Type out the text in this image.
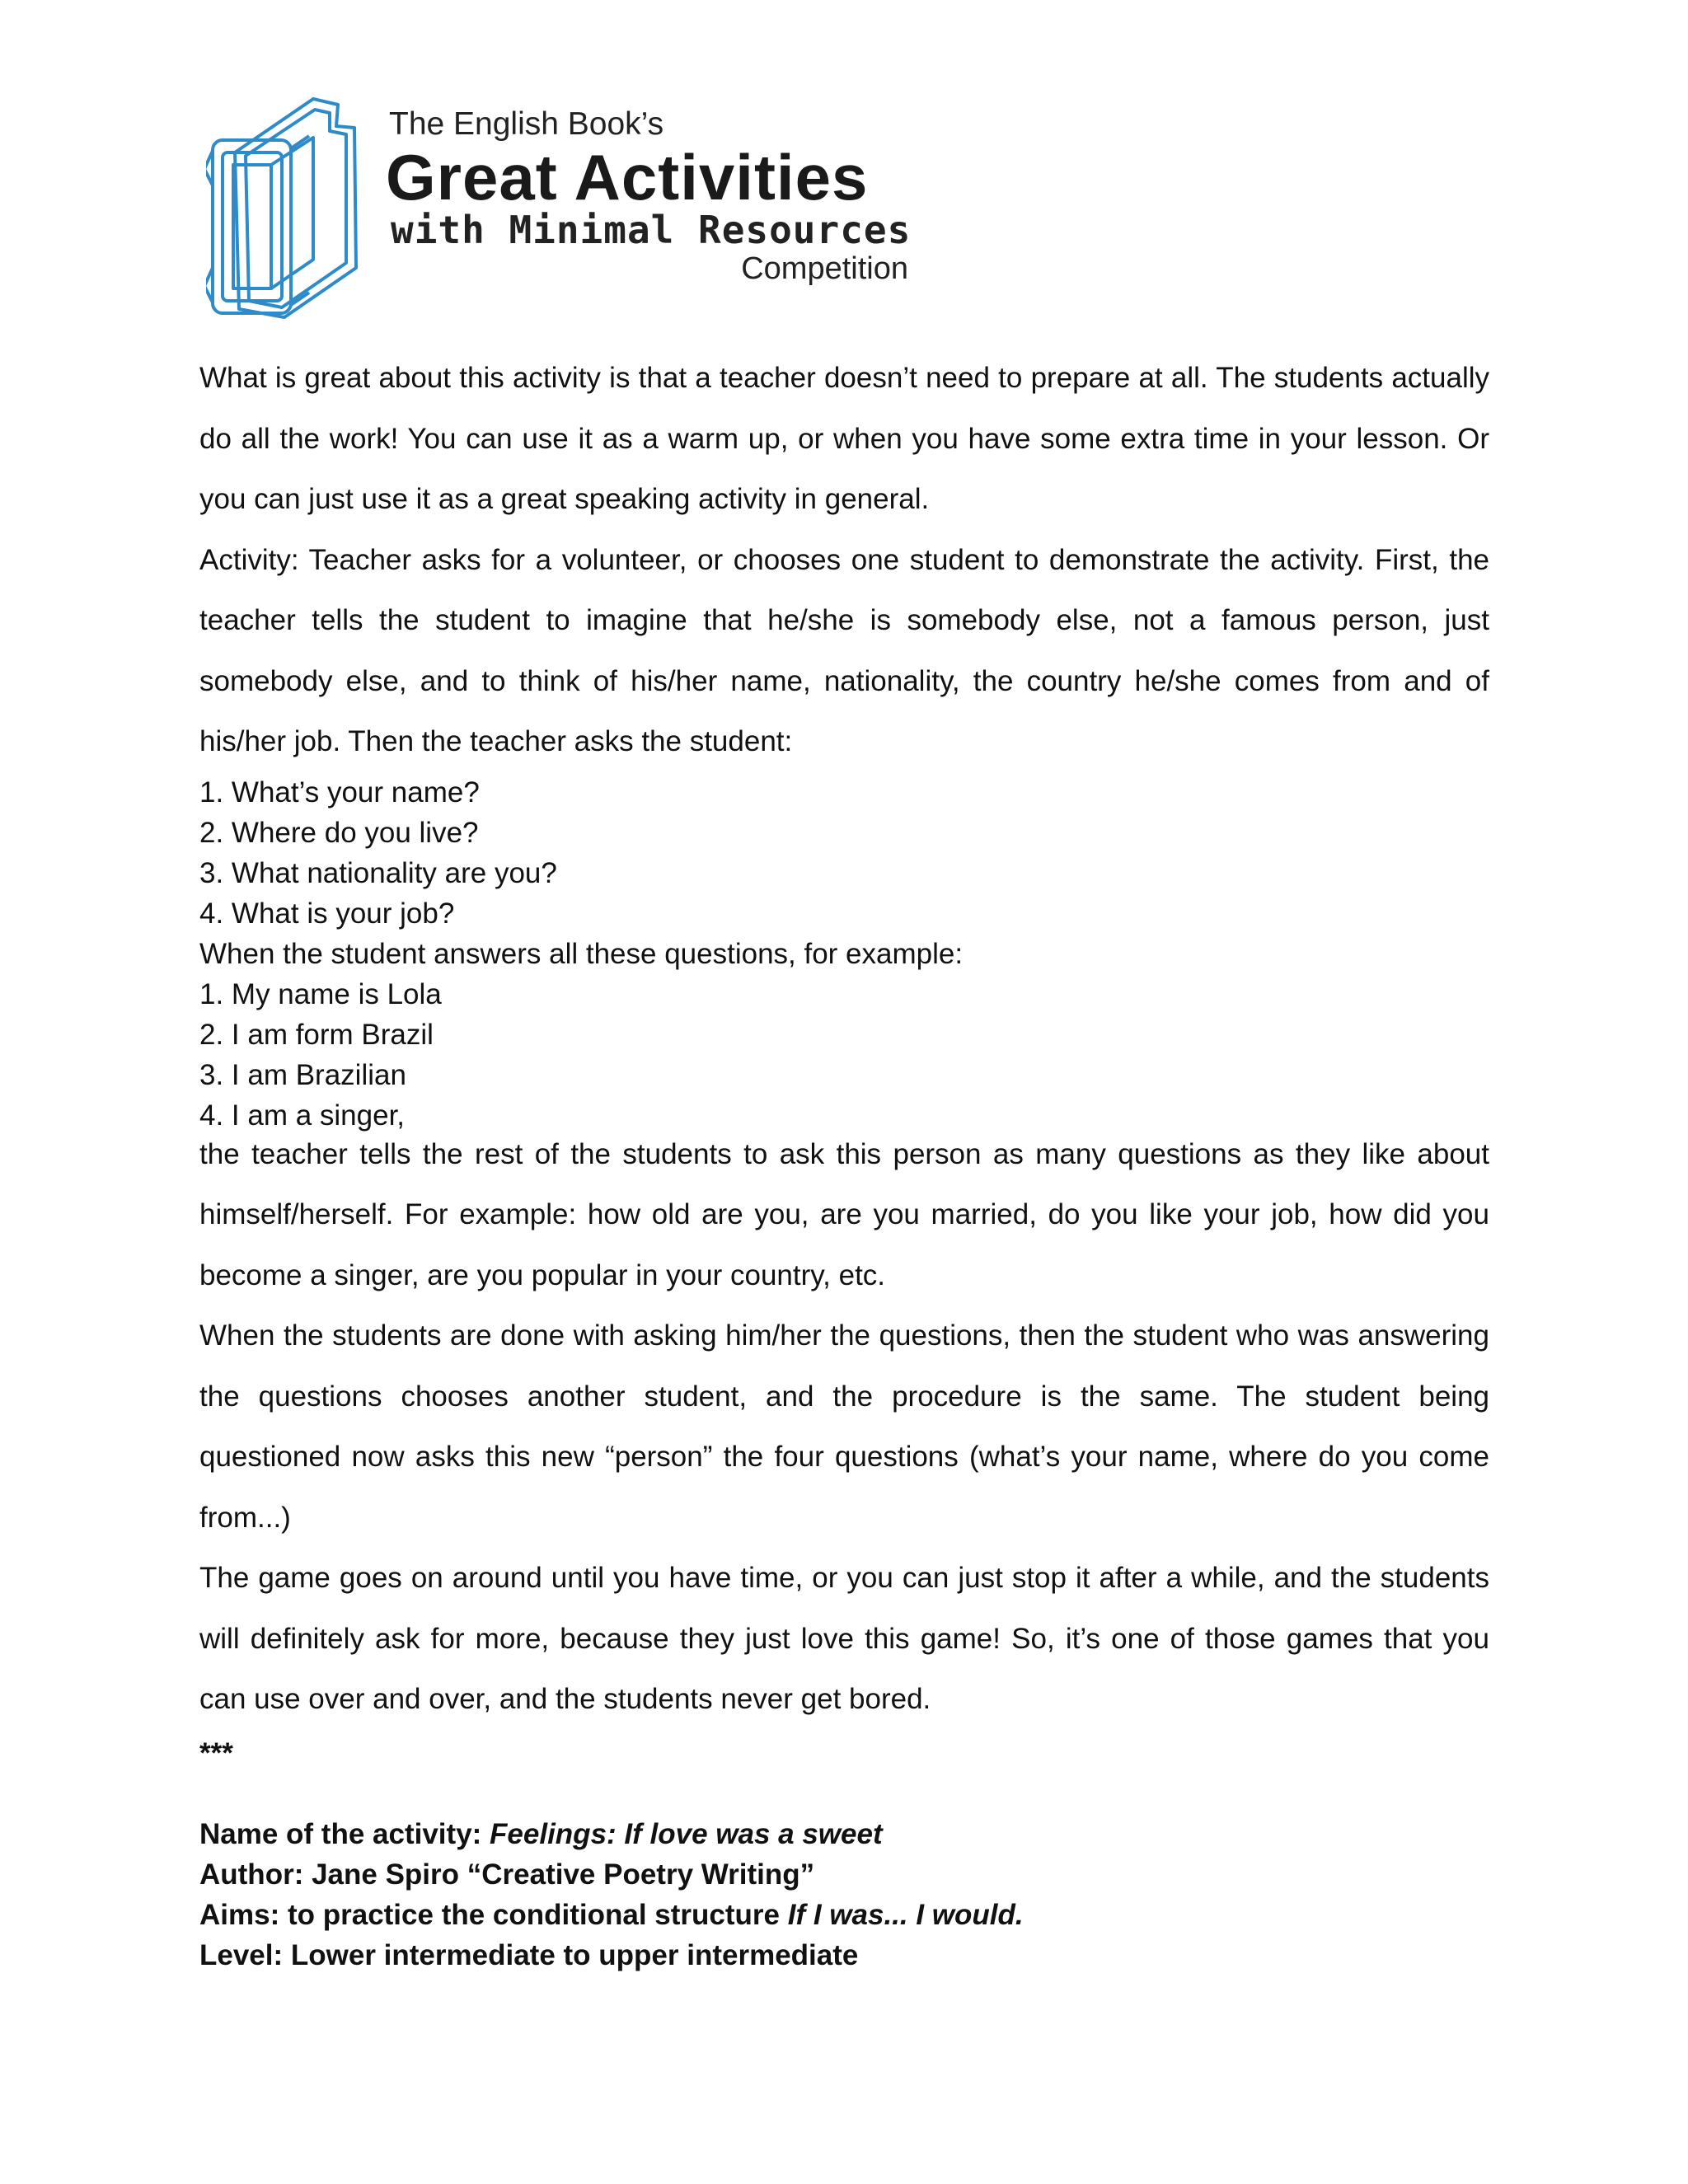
The English Book’s
Great Activities
with Minimal Resources
Competition

What is great about this activity is that a teacher doesn’t need to prepare at all. The students actually do all the work! You can use it as a warm up, or when you have some extra time in your lesson. Or you can just use it as a great speaking activity in general.

Activity: Teacher asks for a volunteer, or chooses one student to demonstrate the activity. First, the teacher tells the student to imagine that he/she is somebody else, not a famous person, just somebody else, and to think of his/her name, nationality, the country he/she comes from and of his/her job. Then the teacher asks the student:

1. What’s your name?
2. Where do you live?
3. What nationality are you?
4. What is your job?
When the student answers all these questions, for example:
1. My name is Lola
2. I am form Brazil
3. I am Brazilian
4. I am a singer,

the teacher tells the rest of the students to ask this person as many questions as they like about himself/herself. For example: how old are you, are you married, do you like your job, how did you become a singer, are you popular in your country, etc.

When the students are done with asking him/her the questions, then the student who was answering the questions chooses another student, and the procedure is the same. The student being questioned now asks this new “person” the four questions (what’s your name, where do you come from...)

The game goes on around until you have time, or you can just stop it after a while, and the students will definitely ask for more, because they just love this game! So, it’s one of those games that you can use over and over, and the students never get bored.

***
Name of the activity: Feelings: If love was a sweet
Author: Jane Spiro “Creative Poetry Writing”
Aims: to practice the conditional structure If I was... I would.
Level: Lower intermediate to upper intermediate
